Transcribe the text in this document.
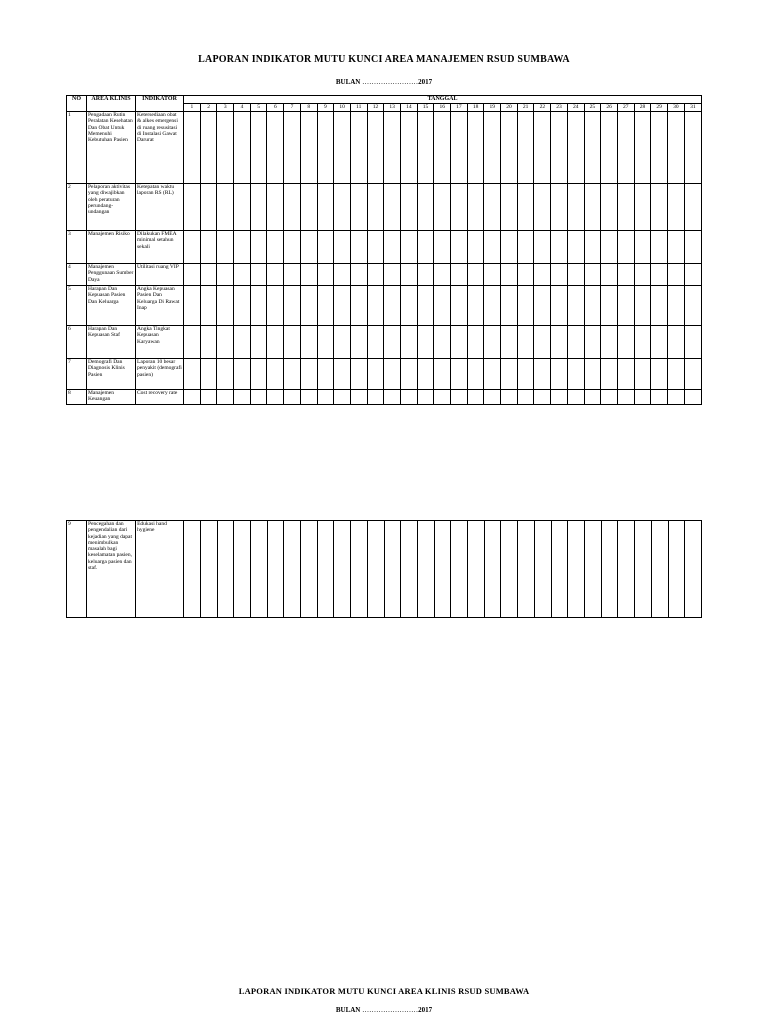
LAPORAN INDIKATOR MUTU KUNCI AREA MANAJEMEN RSUD SUMBAWA
BULAN ……………………2017
NO	AREA KLINIS	INDIKATOR	TANGGAL																														
			1	2	3	4	5	6	7	8	9	10	11	12	13	14	15	16	17	18	19	20	21	22	23	24	25	26	27	28	29	30	31
1	Pengadaan Rutin Peralatan Kesehatan Dan Obat Untuk Memenuhi Kebutuhan Pasien	Ketersediaan obat & alkes emergensi di ruang resusitasi di Instalasi Gawat Darurat																															
2	Pelaporan aktivitas yang diwajibkan oleh peraturan perundang-undangan	Ketepatan waktu laporan RS (RL)																															
3	Manajemen Risiko	Dilakukan FMEA minimal setahun sekali																															
4	Manajemen Penggunaan Sumber Daya	Utilitasi ruang VIP																															
5	Harapan Dan Kepuasan Pasien Dan Keluarga	Angka Kepuasan Pasien Dan Keluarga Di Rawat Inap																															
6	Harapan Dan Kepuasan Staf	Angka Tingkat Kepuasan Karyawan																															
7	Demografi Dan Diagnosis Klinis Pasien	Laporan 10 besar penyakit (demografi pasien)																															
8	Manajemen Keuangan	Cost recovery rate																															
9	Pencegahan dan pengendalian dari kejadian yang dapat menimbulkan masalah bagi keselamatan pasien, keluarga pasien dan staf.	Edukasi hand hygiene																															
LAPORAN INDIKATOR MUTU KUNCI AREA KLINIS RSUD SUMBAWA
BULAN ……………………2017
